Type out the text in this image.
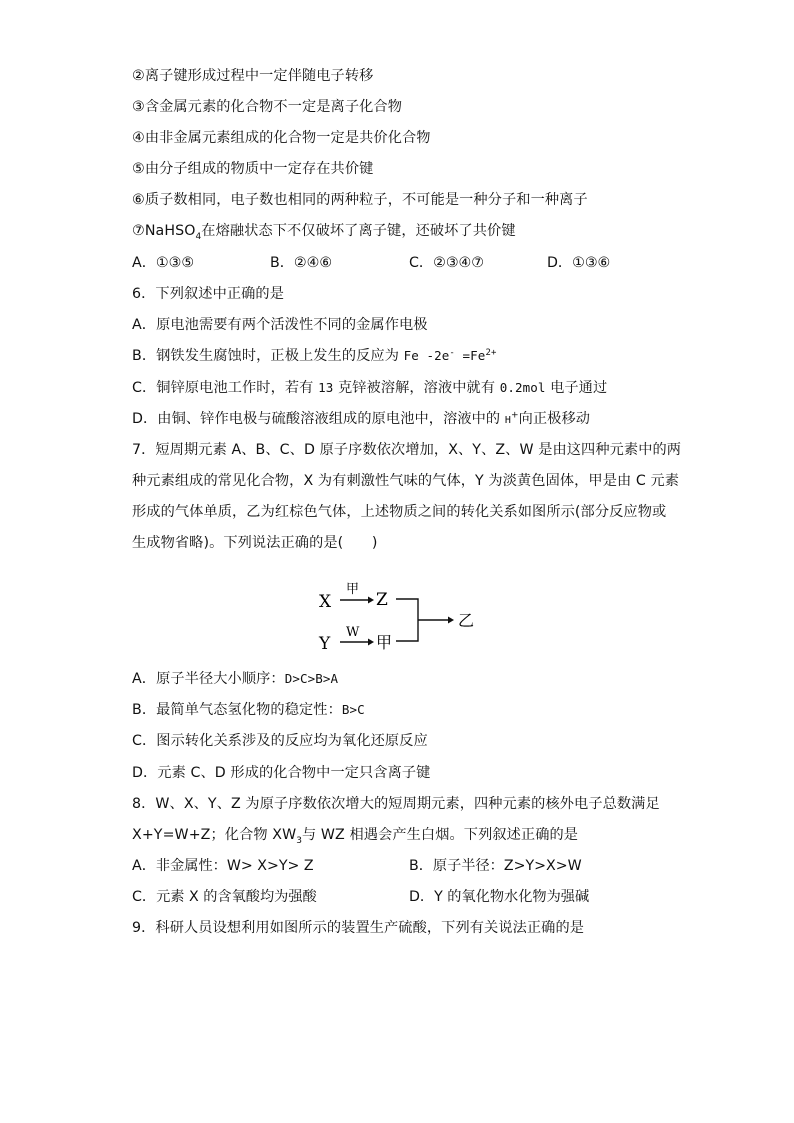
②离子键形成过程中一定伴随电子转移
③含金属元素的化合物不一定是离子化合物
④由非金属元素组成的化合物一定是共价化合物
⑤由分子组成的物质中一定存在共价键
⑥质子数相同，电子数也相同的两种粒子，不可能是一种分子和一种离子
⑦NaHSO$_4$在熔融状态下不仅破坏了离子键，还破坏了共价键
A．①③⑤	B．②④⑥	C．②③④⑦	D．①③⑥
6．下列叙述中正确的是
A．原电池需要有两个活泼性不同的金属作电极
B．钢铁发生腐蚀时，正极上发生的反应为 Fe $-2e^- =Fe^{2+}$
C．铜锌原电池工作时，若有 13 克锌被溶解，溶液中就有 0.2mol 电子通过
D．由铜、锌作电极与硫酸溶液组成的原电池中，溶液中的 H+向正极移动
7．短周期元素 A、B、C、D 原子序数依次增加，X、Y、Z、W 是由这四种元素中的两
种元素组成的常见化合物，X 为有刺激性气味的气体，Y 为淡黄色固体，甲是由 C 元素
形成的气体单质，乙为红棕色气体，上述物质之间的转化关系如图所示(部分反应物或
生成物省略)。下列说法正确的是(　　)
X
甲
Z
Y
W
甲
乙
A．原子半径大小顺序：D>C>B>A
B．最简单气态氢化物的稳定性：B>C
C．图示转化关系涉及的反应均为氧化还原反应
D．元素 C、D 形成的化合物中一定只含离子键
8．W、X、Y、Z 为原子序数依次增大的短周期元素，四种元素的核外电子总数满足
X+Y=W+Z；化合物 $XW_3$与 WZ 相遇会产生白烟。下列叙述正确的是
A．非金属性：W> X>Y> Z	B．原子半径：Z>Y>X>W
C．元素 X 的含氧酸均为强酸	D．Y 的氧化物水化物为强碱
9．科研人员设想利用如图所示的装置生产硫酸，下列有关说法正确的是
